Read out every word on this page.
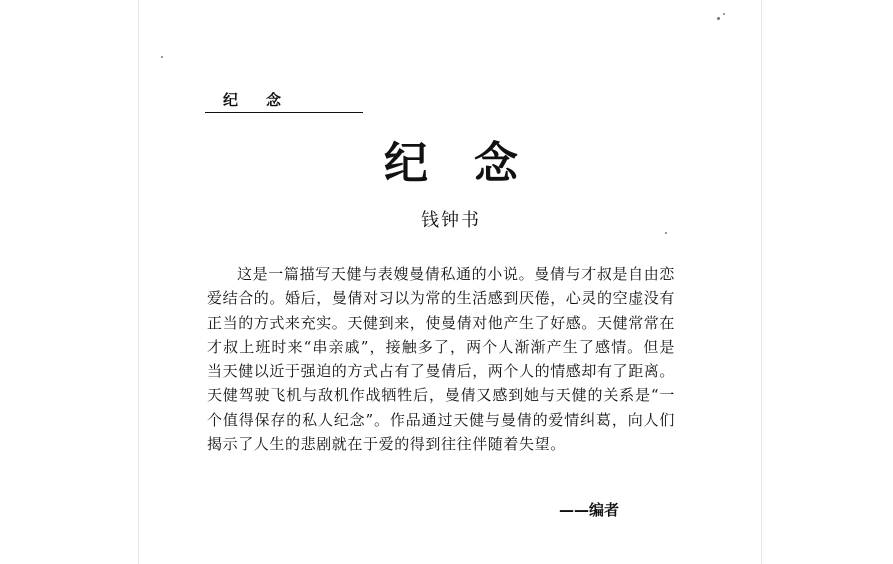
纪念
纪念
钱钟书

这是一篇描写天健与表嫂曼倩私通的小说。曼倩与才叔是自由恋爱结合的。婚后，曼倩对习以为常的生活感到厌倦，心灵的空虚没有正当的方式来充实。天健到来，使曼倩对他产生了好感。天健常常在才叔上班时来“串亲戚”，接触多了，两个人渐渐产生了感情。但是当天健以近于强迫的方式占有了曼倩后，两个人的情感却有了距离。天健驾驶飞机与敌机作战牺牲后，曼倩又感到她与天健的关系是“一个值得保存的私人纪念”。作品通过天健与曼倩的爱情纠葛，向人们揭示了人生的悲剧就在于爱的得到往往伴随着失望。

——编者
